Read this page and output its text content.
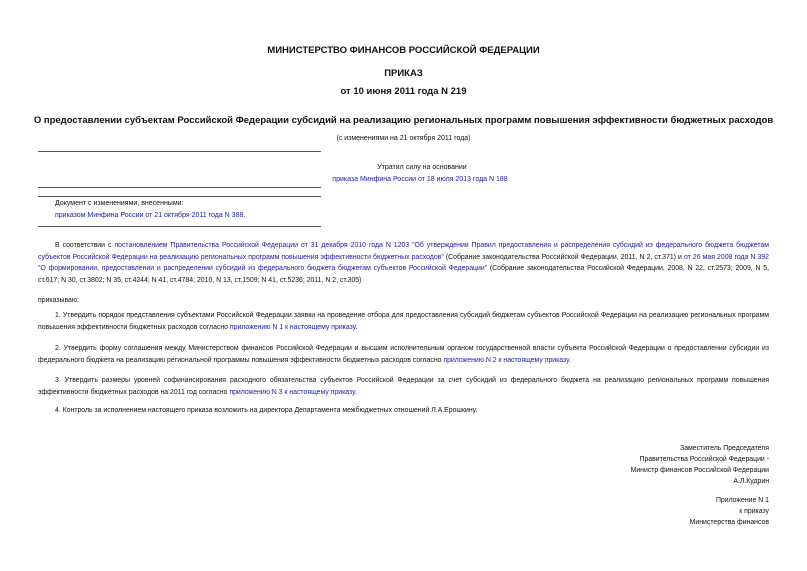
МИНИСТЕРСТВО ФИНАНСОВ РОССИЙСКОЙ ФЕДЕРАЦИИ
ПРИКАЗ
от 10 июня 2011 года N 219
О предоставлении субъектам Российской Федерации субсидий на реализацию региональных программ повышения эффективности бюджетных расходов
(с изменениями на 21 октября 2011 года)
Утратил силу на основании
приказа Минфина России от 18 июля 2013 года N 188
Документ с изменениями, внесенными:
приказом Минфина России от 21 октября 2011 года N 388.
В соответствии с постановлением Правительства Российской Федерации от 31 декабря 2010 года N 1203 "Об утверждении Правил предоставления и распределения субсидий из федерального бюджета бюджетам субъектов Российской Федерации на реализацию региональных программ повышения эффективности бюджетных расходов" (Собрание законодательства Российской Федерации, 2011, N 2, ст.371) и от 26 мая 2008 года N 392 "О формировании, предоставлении и распределении субсидий из федерального бюджета бюджетам субъектов Российской Федерации" (Собрание законодательства Российской Федерации, 2008, N 22, ст.2573; 2009, N 5, ст.617; N 30, ст.3802; N 35, ст.4244; N 41, ст.4784; 2010, N 13, ст.1509; N 41, ст.5236; 2011, N 2, ст.305)
приказываю:
1. Утвердить порядок представления субъектами Российской Федерации заявки на проведение отбора для предоставления субсидий бюджетам субъектов Российской Федерации на реализацию региональных программ повышения эффективности бюджетных расходов согласно приложению N 1 к настоящему приказу.
2. Утвердить форму соглашения между Министерством финансов Российской Федерации и высшим исполнительным органом государственной власти субъекта Российской Федерации о предоставлении субсидии из федерального бюджета на реализацию региональной программы повышения эффективности бюджетных расходов согласно приложению N 2 к настоящему приказу.
3. Утвердить размеры уровней софинансирования расходного обязательства субъектов Российской Федерации за счет субсидий из федерального бюджета на реализацию региональных программ повышения эффективности бюджетных расходов на 2011 год согласно приложению N 3 к настоящему приказу.
4. Контроль за исполнением настоящего приказа возложить на директора Департамента межбюджетных отношений Л.А.Ерошкину.
Заместитель Председателя
Правительства Российской Федерации -
Министр финансов Российской Федерации
А.Л.Кудрин
Приложение N 1
к приказу
Министерства финансов
